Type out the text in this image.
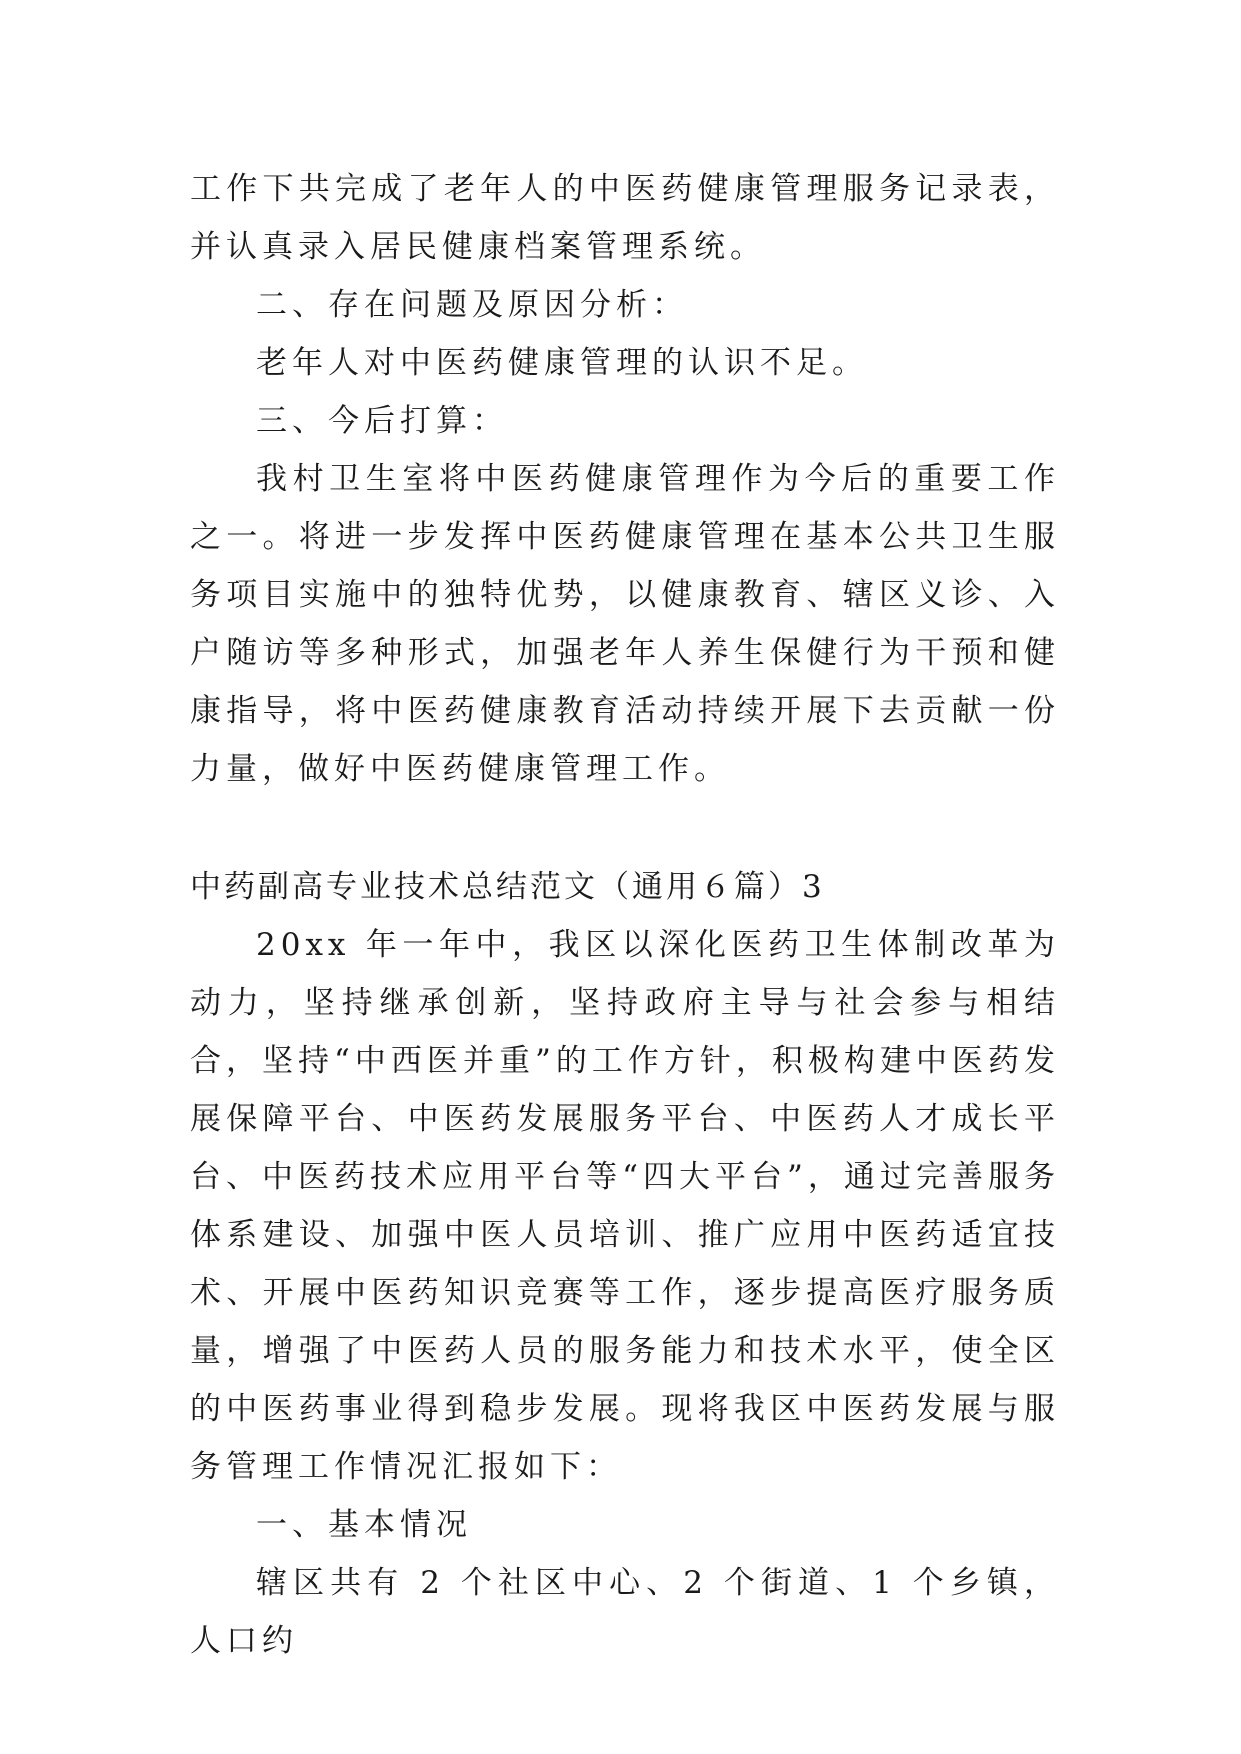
工作下共完成了老年人的中医药健康管理服务记录表，并认真录入居民健康档案管理系统。

二、存在问题及原因分析：

老年人对中医药健康管理的认识不足。

三、今后打算：

我村卫生室将中医药健康管理作为今后的重要工作之一。将进一步发挥中医药健康管理在基本公共卫生服务项目实施中的独特优势，以健康教育、辖区义诊、入户随访等多种形式，加强老年人养生保健行为干预和健康指导，将中医药健康教育活动持续开展下去贡献一份力量，做好中医药健康管理工作。

中药副高专业技术总结范文（通用６篇）3

20xx 年一年中，我区以深化医药卫生体制改革为动力，坚持继承创新，坚持政府主导与社会参与相结合，坚持“中西医并重”的工作方针，积极构建中医药发展保障平台、中医药发展服务平台、中医药人才成长平台、中医药技术应用平台等“四大平台”，通过完善服务体系建设、加强中医人员培训、推广应用中医药适宜技术、开展中医药知识竞赛等工作，逐步提高医疗服务质量，增强了中医药人员的服务能力和技术水平，使全区的中医药事业得到稳步发展。现将我区中医药发展与服务管理工作情况汇报如下：

一、基本情况

辖区共有 2 个社区中心、2 个街道、1 个乡镇，人口约
